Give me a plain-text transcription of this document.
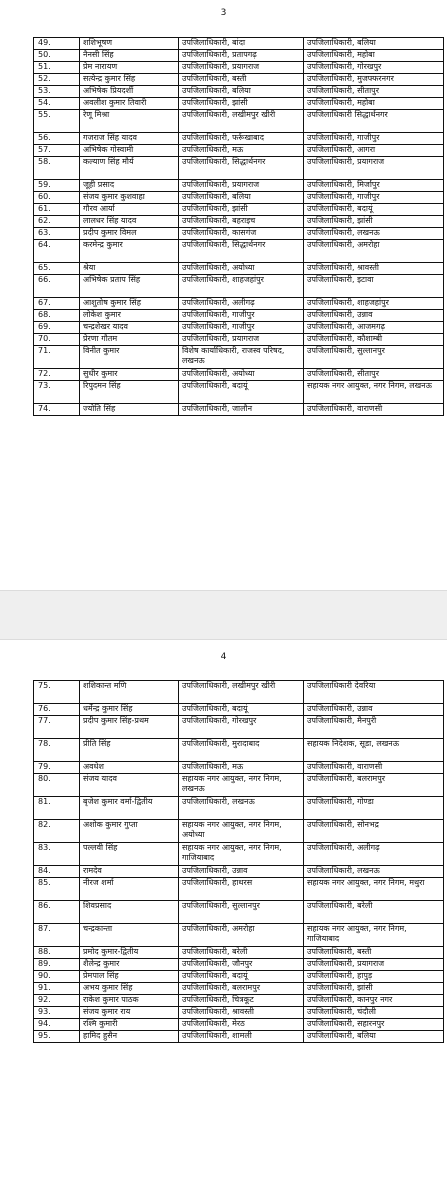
3
49.	शशिभूषण	उपजिलाधिकारी, बांदा	उपजिलाधिकारी, बलिया
50.	नैनसी सिंह	उपजिलाधिकारी, प्रतापगढ़	उपजिलाधिकारी, महोबा
51.	प्रेम नारायण	उपजिलाधिकारी, प्रयागराज	उपजिलाधिकारी, गोरखपुर
52.	सत्येन्द्र कुमार सिंह	उपजिलाधिकारी, बस्ती	उपजिलाधिकारी, मुजफ्फरनगर
53.	अभिषेक प्रियदर्शी	उपजिलाधिकारी, बलिया	उपजिलाधिकारी, सीतापुर
54.	अवलीश कुमार तिवारी	उपजिलाधिकारी, झांसी	उपजिलाधिकारी, महोबा
55.	रेणू मिश्रा	उपजिलाधिकारी, लखीमपुर खीरी	उपजिलाधिकारी सिद्धार्थनगर
56.	गजराज सिंह यादव	उपजिलाधिकारी, फर्रूखाबाद	उपजिलाधिकारी, गाजीपुर
57.	अभिषेक गोस्वामी	उपजिलाधिकारी, मऊ	उपजिलाधिकारी, आगरा
58.	कल्याण सिंह मौर्य	उपजिलाधिकारी, सिद्धार्थनगर	उपजिलाधिकारी, प्रयागराज
59.	जूही प्रसाद	उपजिलाधिकारी, प्रयागराज	उपजिलाधिकारी, मिर्जापुर
60.	संजय कुमार कुशवाहा	उपजिलाधिकारी, बलिया	उपजिलाधिकारी, गाजीपुर
61.	गौरव आर्या	उपजिलाधिकारी, झांसी	उपजिलाधिकारी, बदायूं
62.	लालधर सिंह यादव	उपजिलाधिकारी, बहराइच	उपजिलाधिकारी, झांसी
63.	प्रदीप कुमार विमल	उपजिलाधिकारी, कासगंज	उपजिलाधिकारी, लखनऊ
64.	करमेन्द्र कुमार	उपजिलाधिकारी, सिद्धार्थनगर	उपजिलाधिकारी, अमरोहा
65.	श्रेया	उपजिलाधिकारी, अयोध्या	उपजिलाधिकारी, श्रावस्ती
66.	अभिषेक प्रताप सिंह	उपजिलाधिकारी, शाहजहांपुर	उपजिलाधिकारी, इटावा
67.	आशुतोष कुमार सिंह	उपजिलाधिकारी, अलीगढ़	उपजिलाधिकारी, शाहजहांपुर
68.	लोकेश कुमार	उपजिलाधिकारी, गाजीपुर	उपजिलाधिकारी, उन्नाव
69.	चन्द्रशेखर यादव	उपजिलाधिकारी, गाजीपुर	उपजिलाधिकारी, आजमगढ़
70.	प्रेरणा गौतम	उपजिलाधिकारी, प्रयागराज	उपजिलाधिकारी, कौशाम्बी
71.	विनीत कुमार	विशेष कार्याधिकारी, राजस्व परिषद, लखनऊ	उपजिलाधिकारी, सुल्तानपुर
72.	सुधीर कुमार	उपजिलाधिकारी, अयोध्या	उपजिलाधिकारी, सीतापुर
73.	रिपुदमन सिंह	उपजिलाधिकारी, बदायूं	सहायक नगर आयुक्त, नगर निगम, लखनऊ
74.	ज्योति सिंह	उपजिलाधिकारी, जालौन	उपजिलाधिकारी, वाराणसी
4
75.	शशिकान्त मणि	उपजिलाधिकारी, लखीमपुर खीरी	उपजिलाधिकारी देवरिया
76.	धर्मेन्द्र कुमार सिंह	उपजिलाधिकारी, बदायूं	उपजिलाधिकारी, उन्नाव
77.	प्रदीप कुमार सिंह-प्रथम	उपजिलाधिकारी, गोरखपुर	उपजिलाधिकारी, मैनपुरी
78.	प्रीति सिंह	उपजिलाधिकारी, मुरादाबाद	सहायक निदेशक, सूडा, लखनऊ
79.	अवधेश	उपजिलाधिकारी, मऊ	उपजिलाधिकारी, वाराणसी
80.	संजय यादव	सहायक नगर आयुक्त, नगर निगम, लखनऊ	उपजिलाधिकारी, बलरामपुर
81.	बृजेश कुमार वर्मा-द्वितीय	उपजिलाधिकारी, लखनऊ	उपजिलाधिकारी, गोण्डा
82.	अशोक कुमार गुप्ता	सहायक नगर आयुक्त, नगर निगम, अयोध्या	उपजिलाधिकारी, सोनभद्र
83.	पल्लवी सिंह	सहायक नगर आयुक्त, नगर निगम, गाजियाबाद	उपजिलाधिकारी, अलीगढ़
84.	रामदेव	उपजिलाधिकारी, उन्नाव	उपजिलाधिकारी, लखनऊ
85.	नीरज शर्मा	उपजिलाधिकारी, हाथरस	सहायक नगर आयुक्त, नगर निगम, मथुरा
86.	शिवप्रसाद	उपजिलाधिकारी, सुल्तानपुर	उपजिलाधिकारी, बरेली
87.	चन्द्रकान्ता	उपजिलाधिकारी, अमरोहा	सहायक नगर आयुक्त, नगर निगम, गाजियाबाद
88.	प्रमोद कुमार-द्वितीय	उपजिलाधिकारी, बरेली	उपजिलाधिकारी, बस्ती
89.	शैलेन्द्र कुमार	उपजिलाधिकारी, जौनपुर	उपजिलाधिकारी, प्रयागराज
90.	प्रेमपाल सिंह	उपजिलाधिकारी, बदायूं	उपजिलाधिकारी, हापुड़
91.	अभय कुमार सिंह	उपजिलाधिकारी, बलरामपुर	उपजिलाधिकारी, झांसी
92.	राकेश कुमार पाठक	उपजिलाधिकारी, चित्रकूट	उपजिलाधिकारी, कानपुर नगर
93.	संजय कुमार राय	उपजिलाधिकारी, श्रावस्ती	उपजिलाधिकारी, चंदौली
94.	रश्मि कुमारी	उपजिलाधिकारी, मेरठ	उपजिलाधिकारी, सहारनपुर
95.	हामिद हुसैन	उपजिलाधिकारी, शामली	उपजिलाधिकारी, बलिया
